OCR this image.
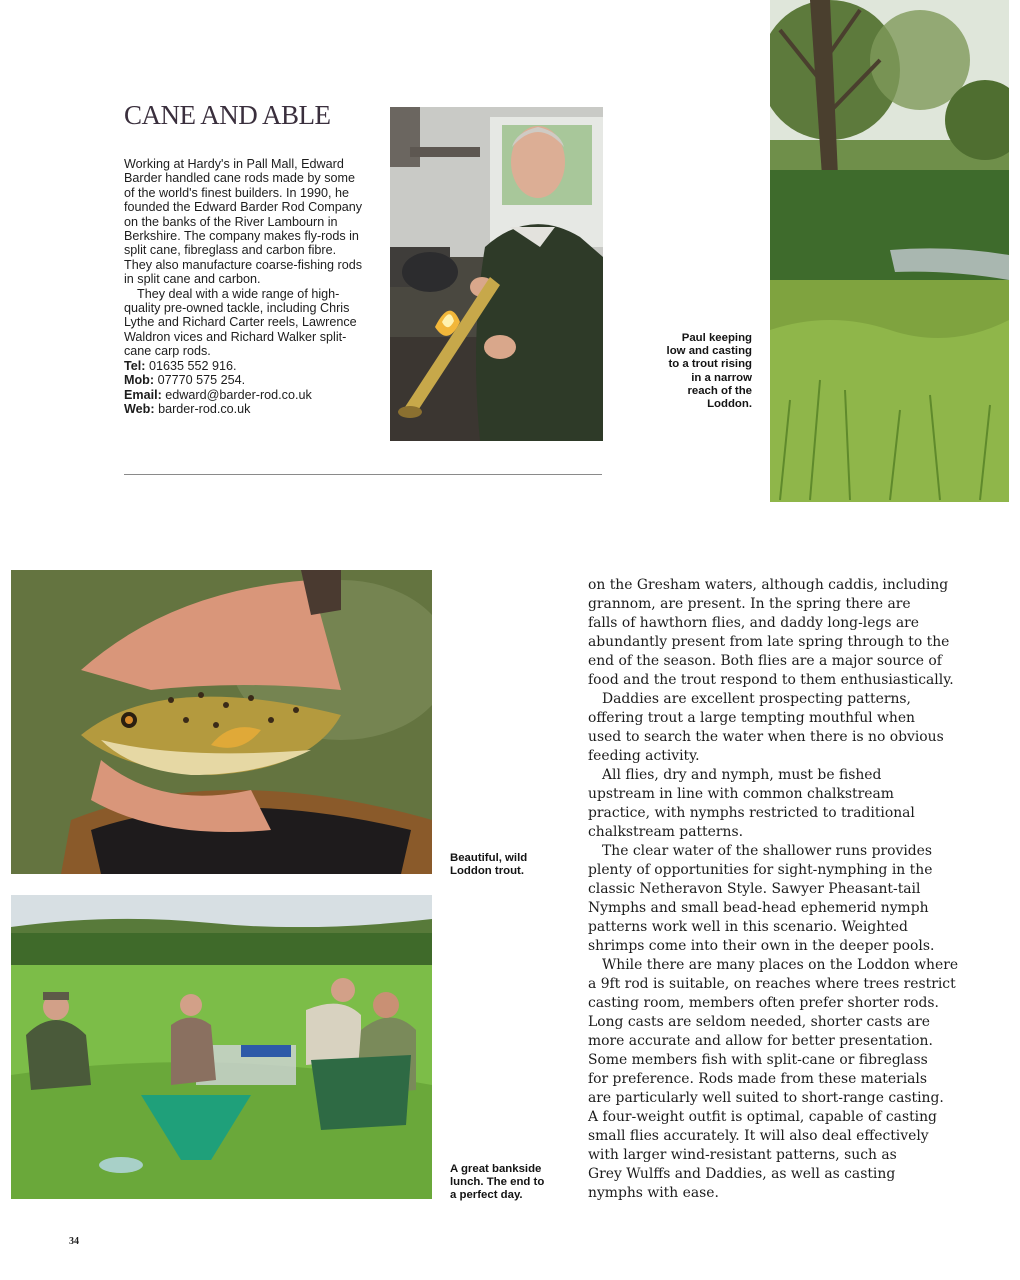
CANE AND ABLE

Working at Hardy's in Pall Mall, Edward Barder handled cane rods made by some of the world's finest builders. In 1990, he founded the Edward Barder Rod Company on the banks of the River Lambourn in Berkshire. The company makes fly-rods in split cane, fibreglass and carbon fibre. They also manufacture coarse-fishing rods in split cane and carbon.

They deal with a wide range of high-quality pre-owned tackle, including Chris Lythe and Richard Carter reels, Lawrence Waldron vices and Richard Walker split-cane carp rods.

Tel: 01635 552 916.
Mob: 07770 575 254.
Email: edward@barder-rod.co.uk
Web: barder-rod.co.uk
Paul keeping
low and casting
to a trout rising
in a narrow
reach of the
Loddon.
Beautiful, wild
Loddon trout.
A great bankside
lunch. The end to
a perfect day.
on the Gresham waters, although caddis, including
grannom, are present. In the spring there are
falls of hawthorn flies, and daddy long-legs are
abundantly present from late spring through to the
end of the season. Both flies are a major source of
food and the trout respond to them enthusiastically.
Daddies are excellent prospecting patterns,
offering trout a large tempting mouthful when
used to search the water when there is no obvious
feeding activity.
All flies, dry and nymph, must be fished
upstream in line with common chalkstream
practice, with nymphs restricted to traditional
chalkstream patterns.
The clear water of the shallower runs provides
plenty of opportunities for sight-nymphing in the
classic Netheravon Style. Sawyer Pheasant-tail
Nymphs and small bead-head ephemerid nymph
patterns work well in this scenario. Weighted
shrimps come into their own in the deeper pools.
While there are many places on the Loddon where
a 9ft rod is suitable, on reaches where trees restrict
casting room, members often prefer shorter rods.
Long casts are seldom needed, shorter casts are
more accurate and allow for better presentation.
Some members fish with split-cane or fibreglass
for preference. Rods made from these materials
are particularly well suited to short-range casting.
A four-weight outfit is optimal, capable of casting
small flies accurately. It will also deal effectively
with larger wind-resistant patterns, such as
Grey Wulffs and Daddies, as well as casting
nymphs with ease.
34
